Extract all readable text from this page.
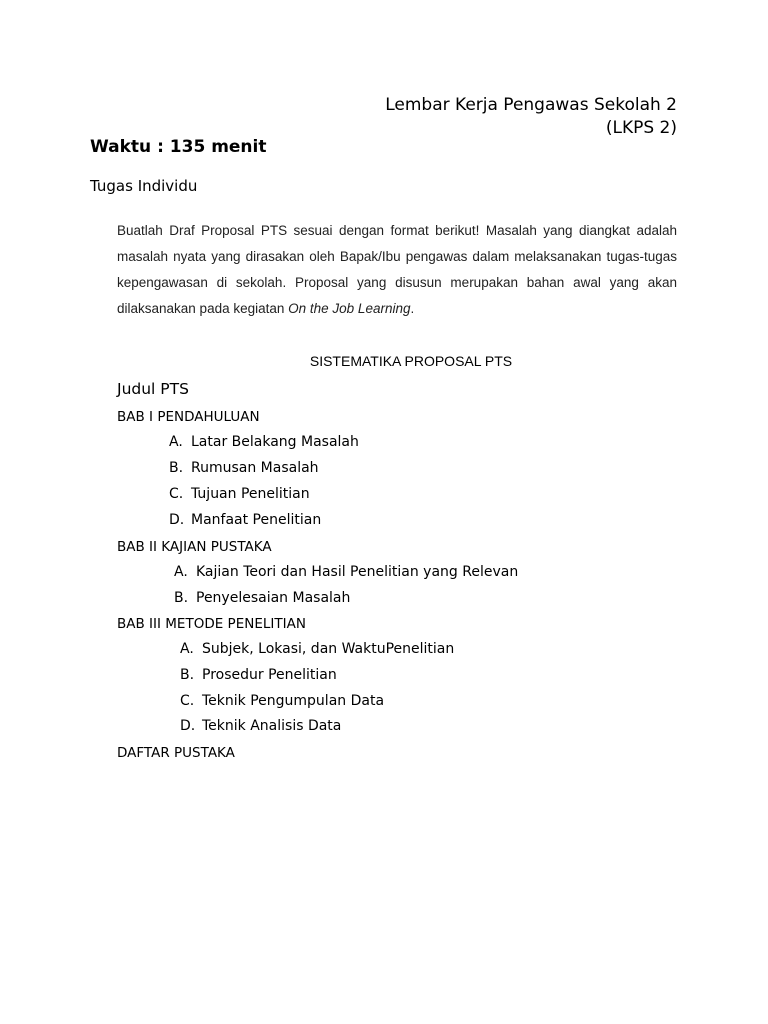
Lembar Kerja Pengawas Sekolah 2
(LKPS 2)
Waktu : 135 menit
Tugas Individu
Buatlah Draf Proposal PTS sesuai dengan format berikut! Masalah yang diangkat adalah masalah nyata yang dirasakan oleh Bapak/Ibu pengawas dalam melaksanakan tugas-tugas kepengawasan di sekolah. Proposal yang disusun merupakan bahan awal yang akan dilaksanakan pada kegiatan On the Job Learning.
SISTEMATIKA PROPOSAL PTS
Judul PTS
BAB I PENDAHULUAN
A. Latar Belakang Masalah
B. Rumusan Masalah
C. Tujuan Penelitian
D. Manfaat Penelitian
BAB II KAJIAN PUSTAKA
A. Kajian Teori dan Hasil Penelitian yang Relevan
B. Penyelesaian Masalah
BAB III METODE PENELITIAN
A. Subjek, Lokasi, dan WaktuPenelitian
B. Prosedur Penelitian
C. Teknik Pengumpulan Data
D. Teknik Analisis Data
DAFTAR PUSTAKA
